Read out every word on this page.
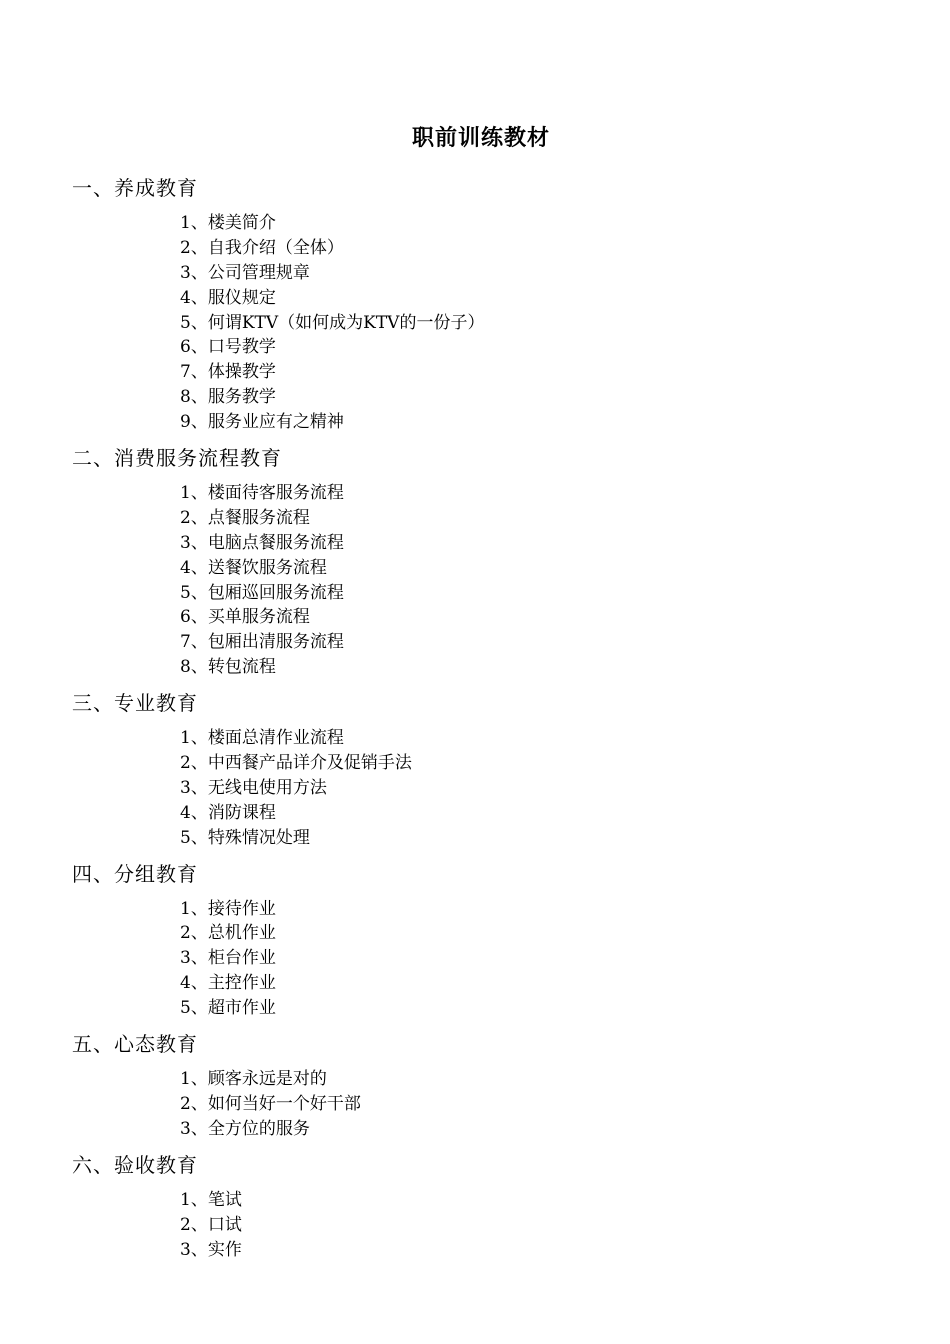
职前训练教材
一、养成教育
1、楼美简介
2、自我介绍（全体）
3、公司管理规章
4、服仪规定
5、何谓KTV（如何成为KTV的一份子）
6、口号教学
7、体操教学
8、服务教学
9、服务业应有之精神
二、消费服务流程教育
1、楼面待客服务流程
2、点餐服务流程
3、电脑点餐服务流程
4、送餐饮服务流程
5、包厢巡回服务流程
6、买单服务流程
7、包厢出清服务流程
8、转包流程
三、专业教育
1、楼面总清作业流程
2、中西餐产品详介及促销手法
3、无线电使用方法
4、消防课程
5、特殊情况处理
四、分组教育
1、接待作业
2、总机作业
3、柜台作业
4、主控作业
5、超市作业
五、心态教育
1、顾客永远是对的
2、如何当好一个好干部
3、全方位的服务
六、验收教育
1、笔试
2、口试
3、实作
